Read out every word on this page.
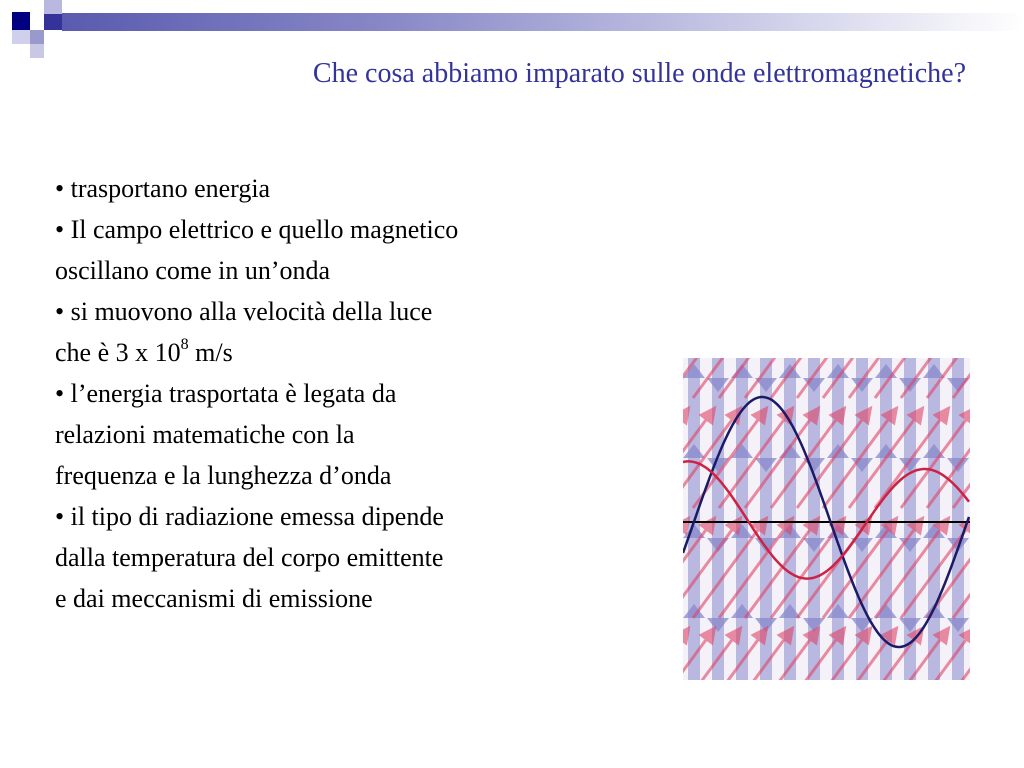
Che cosa abbiamo imparato sulle onde elettromagnetiche?

• trasportano energia

• Il campo elettrico e quello magnetico

oscillano come in un’onda

• si muovono alla velocità della luce

che è 3 x $10^8$ m/s

• l’energia trasportata è legata da

relazioni matematiche con la

frequenza e la lunghezza d’onda

• il tipo di radiazione emessa dipende

dalla temperatura del corpo emittente

e dai meccanismi di emissione
